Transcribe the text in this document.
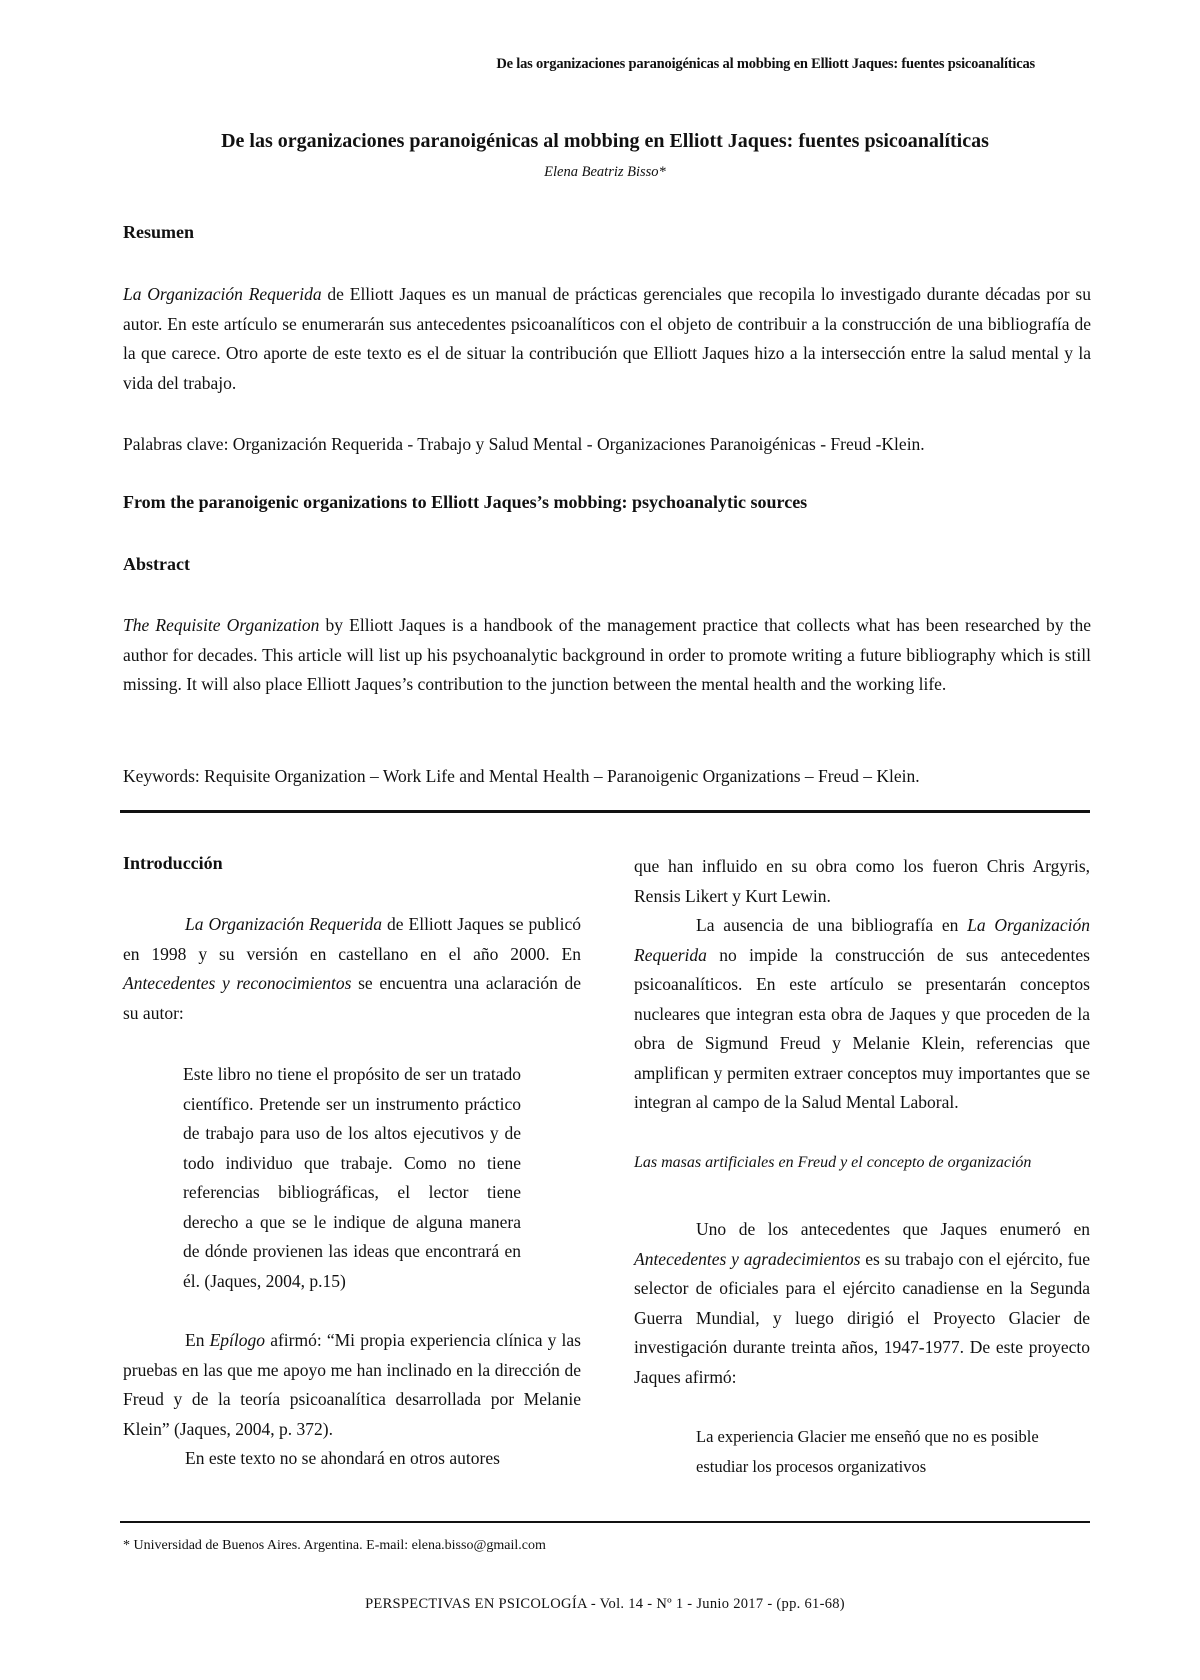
De las organizaciones paranoigénicas al mobbing en Elliott Jaques: fuentes psicoanalíticas
De las organizaciones paranoigénicas al mobbing en Elliott Jaques: fuentes psicoanalíticas
Elena Beatriz Bisso*
Resumen

La Organización Requerida de Elliott Jaques es un manual de prácticas gerenciales que recopila lo investigado durante décadas por su autor. En este artículo se enumerarán sus antecedentes psicoanalíticos con el objeto de contribuir a la construcción de una bibliografía de la que carece. Otro aporte de este texto es el de situar la contribución que Elliott Jaques hizo a la intersección entre la salud mental y la vida del trabajo.

Palabras clave: Organización Requerida - Trabajo y Salud Mental - Organizaciones Paranoigénicas - Freud -Klein.
From the paranoigenic organizations to Elliott Jaques’s mobbing: psychoanalytic sources
Abstract

The Requisite Organization by Elliott Jaques is a handbook of the management practice that collects what has been researched by the author for decades. This article will list up his psychoanalytic background in order to promote writing a future bibliography which is still missing. It will also place Elliott Jaques’s contribution to the junction between the mental health and the working life.

Keywords: Requisite Organization – Work Life and Mental Health – Paranoigenic Organizations – Freud – Klein.
Introducción

La Organización Requerida de Elliott Jaques se publicó en 1998 y su versión en castellano en el año 2000. En Antecedentes y reconocimientos se encuentra una aclaración de su autor:

Este libro no tiene el propósito de ser un tratado científico. Pretende ser un instrumento práctico de trabajo para uso de los altos ejecutivos y de todo individuo que trabaje. Como no tiene referencias bibliográficas, el lector tiene derecho a que se le indique de alguna manera de dónde provienen las ideas que encontrará en él. (Jaques, 2004, p.15)

En Epílogo afirmó: “Mi propia experiencia clínica y las pruebas en las que me apoyo me han inclinado en la dirección de Freud y de la teoría psicoanalítica desarrollada por Melanie Klein” (Jaques, 2004, p. 372).

En este texto no se ahondará en otros autores

que han influido en su obra como los fueron Chris Argyris, Rensis Likert y Kurt Lewin.

La ausencia de una bibliografía en La Organización Requerida no impide la construcción de sus antecedentes psicoanalíticos. En este artículo se presentarán conceptos nucleares que integran esta obra de Jaques y que proceden de la obra de Sigmund Freud y Melanie Klein, referencias que amplifican y permiten extraer conceptos muy importantes que se integran al campo de la Salud Mental Laboral.

Las masas artificiales en Freud y el concepto de organización

Uno de los antecedentes que Jaques enumeró en Antecedentes y agradecimientos es su trabajo con el ejército, fue selector de oficiales para el ejército canadiense en la Segunda Guerra Mundial, y luego dirigió el Proyecto Glacier de investigación durante treinta años, 1947-1977. De este proyecto Jaques afirmó:

La experiencia Glacier me enseñó que no es posible estudiar los procesos organizativos

* Universidad de Buenos Aires. Argentina. E-mail: elena.bisso@gmail.com
PERSPECTIVAS EN PSICOLOGÍA - Vol. 14 - Nº 1 - Junio 2017 - (pp. 61-68)
